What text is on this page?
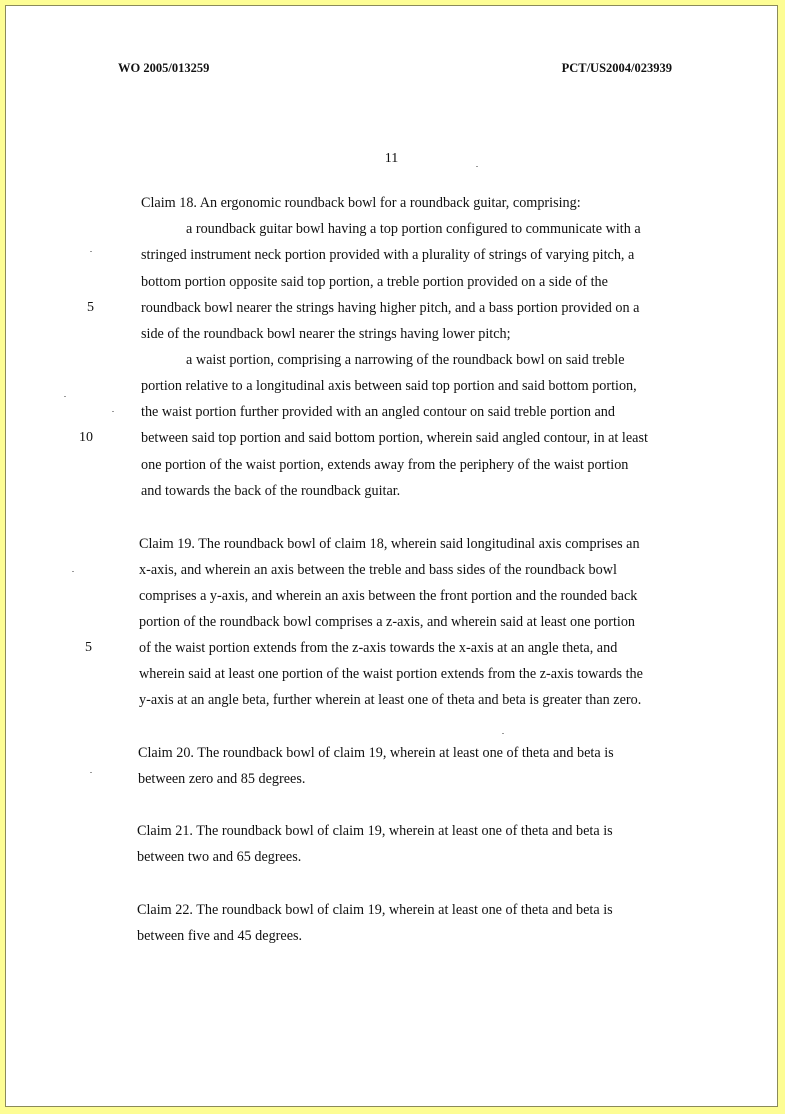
WO 2005/013259	PCT/US2004/023939
11
Claim 18. An ergonomic roundback bowl for a roundback guitar, comprising:
a roundback guitar bowl having a top portion configured to communicate with a
stringed instrument neck portion provided with a plurality of strings of varying pitch, a
bottom portion opposite said top portion, a treble portion provided on a side of the
roundback bowl nearer the strings having higher pitch, and a bass portion provided on a
side of the roundback bowl nearer the strings having lower pitch;
a waist portion, comprising a narrowing of the roundback bowl on said treble
portion relative to a longitudinal axis between said top portion and said bottom portion,
the waist portion further provided with an angled contour on said treble portion and
between said top portion and said bottom portion, wherein said angled contour, in at least
one portion of the waist portion, extends away from the periphery of the waist portion
and towards the back of the roundback guitar.
5
10
Claim 19. The roundback bowl of claim 18, wherein said longitudinal axis comprises an
x-axis, and wherein an axis between the treble and bass sides of the roundback bowl
comprises a y-axis, and wherein an axis between the front portion and the rounded back
portion of the roundback bowl comprises a z-axis, and wherein said at least one portion
of the waist portion extends from the z-axis towards the x-axis at an angle theta, and
wherein said at least one portion of the waist portion extends from the z-axis towards the
y-axis at an angle beta, further wherein at least one of theta and beta is greater than zero.
5
Claim 20. The roundback bowl of claim 19, wherein at least one of theta and beta is
between zero and 85 degrees.
Claim 21. The roundback bowl of claim 19, wherein at least one of theta and beta is
between two and 65 degrees.
Claim 22. The roundback bowl of claim 19, wherein at least one of theta and beta is
between five and 45 degrees.
